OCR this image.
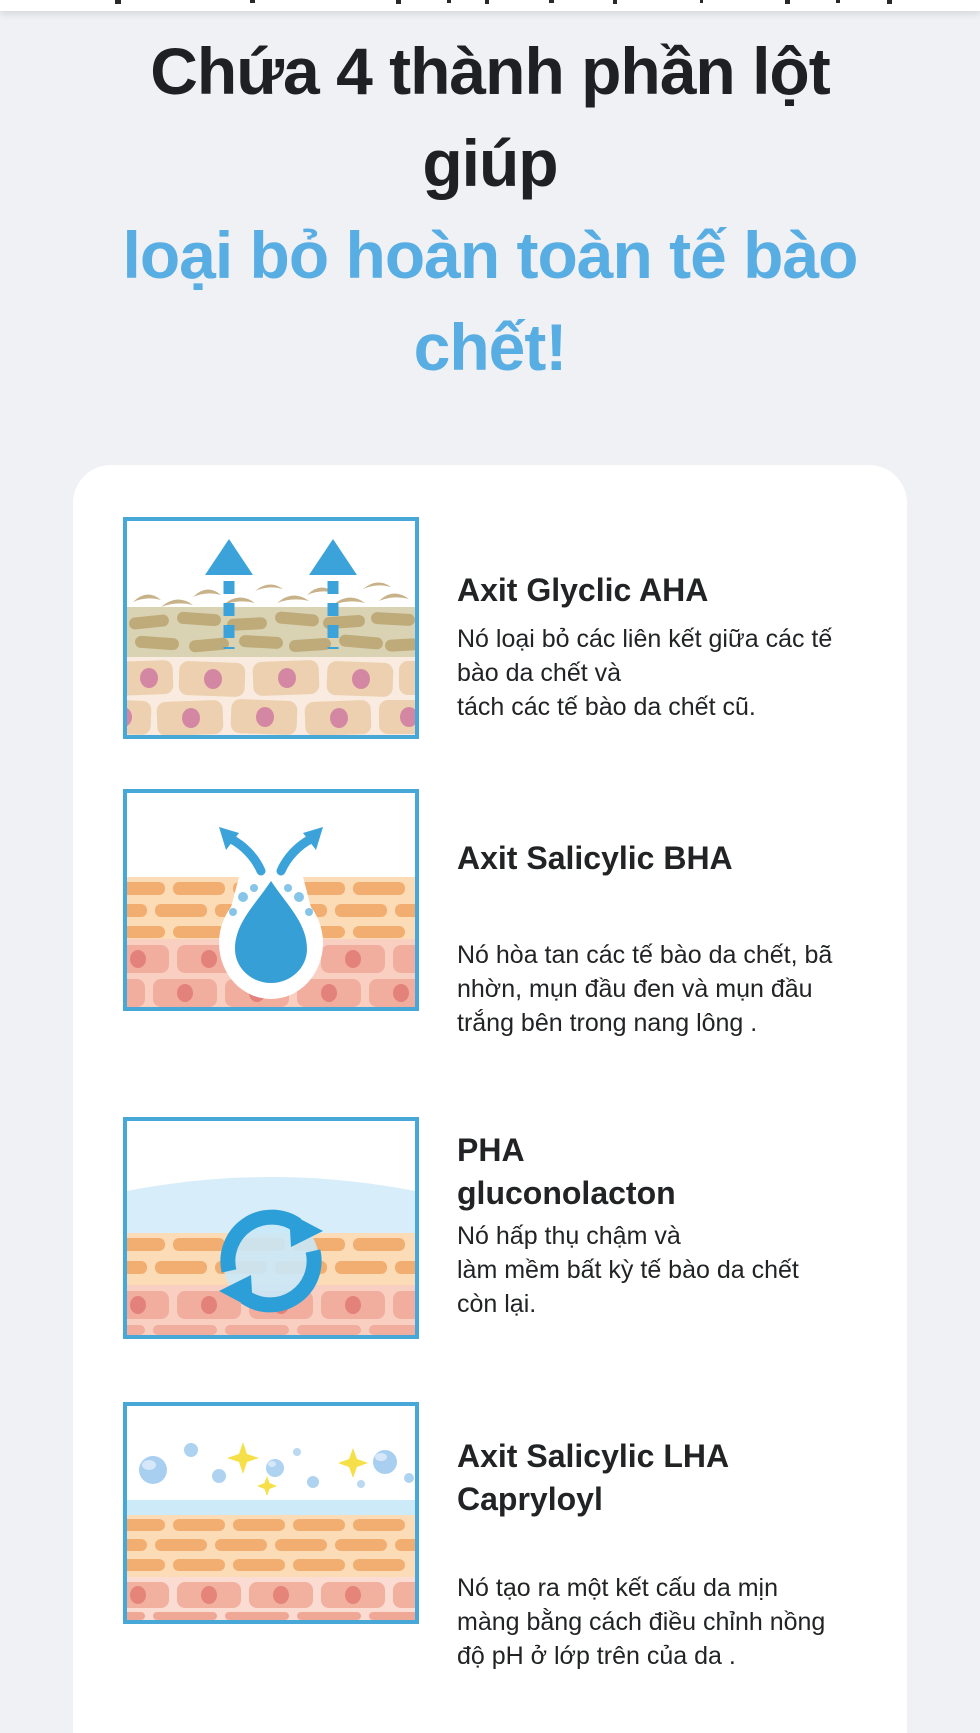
Chứa 4 thành phần lột
giúp
loại bỏ hoàn toàn tế bào
chết!
Axit Glyclic AHA
Nó loại bỏ các liên kết giữa các tế
bào da chết và
tách các tế bào da chết cũ.
Axit Salicylic BHA
Nó hòa tan các tế bào da chết, bã
nhờn, mụn đầu đen và mụn đầu
trắng bên trong nang lông .
PHA
gluconolacton
Nó hấp thụ chậm và
làm mềm bất kỳ tế bào da chết
còn lại.
Axit Salicylic LHA
Capryloyl
Nó tạo ra một kết cấu da mịn
màng bằng cách điều chỉnh nồng
độ pH ở lớp trên của da .
